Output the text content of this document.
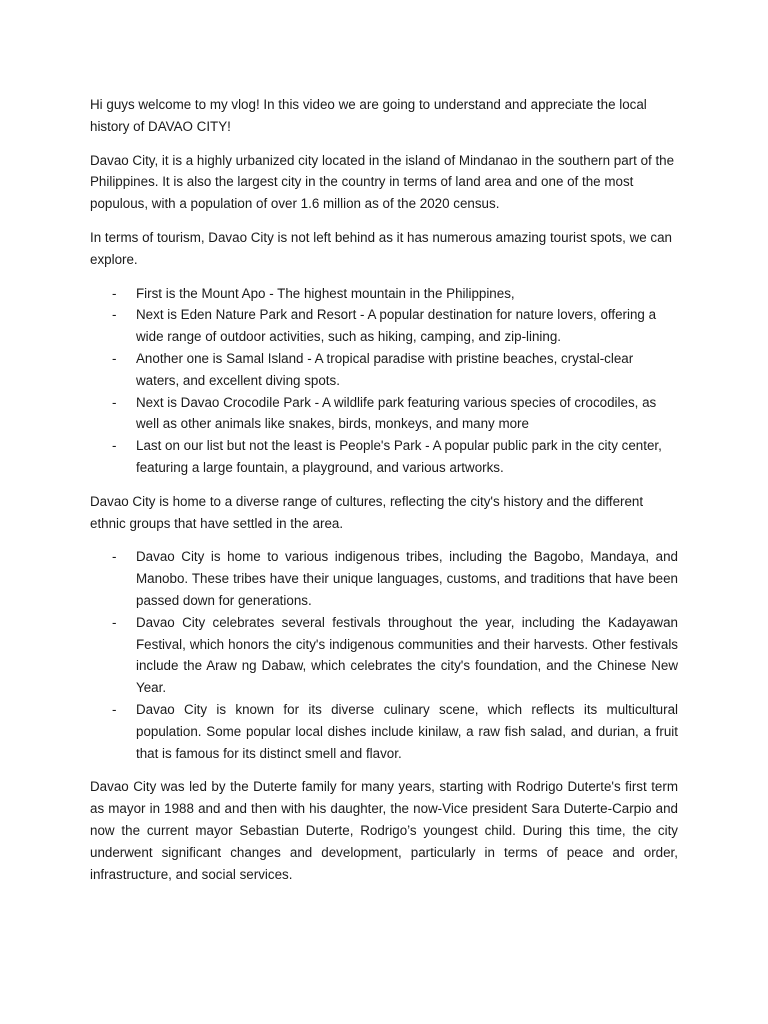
Hi guys welcome to my vlog! In this video we are going to understand and appreciate the local history of DAVAO CITY!

Davao City, it is a highly urbanized city located in the island of Mindanao in the southern part of the Philippines. It is also the largest city in the country in terms of land area and one of the most populous, with a population of over 1.6 million as of the 2020 census.

In terms of tourism, Davao City is not left behind as it has numerous amazing tourist spots, we can explore.

- First is the Mount Apo - The highest mountain in the Philippines,
- Next is Eden Nature Park and Resort - A popular destination for nature lovers, offering a wide range of outdoor activities, such as hiking, camping, and zip-lining.
- Another one is Samal Island - A tropical paradise with pristine beaches, crystal-clear waters, and excellent diving spots.
- Next is Davao Crocodile Park - A wildlife park featuring various species of crocodiles, as well as other animals like snakes, birds, monkeys, and many more
- Last on our list but not the least is People's Park - A popular public park in the city center, featuring a large fountain, a playground, and various artworks.

Davao City is home to a diverse range of cultures, reflecting the city's history and the different ethnic groups that have settled in the area.

- Davao City is home to various indigenous tribes, including the Bagobo, Mandaya, and Manobo. These tribes have their unique languages, customs, and traditions that have been passed down for generations.
- Davao City celebrates several festivals throughout the year, including the Kadayawan Festival, which honors the city's indigenous communities and their harvests. Other festivals include the Araw ng Dabaw, which celebrates the city's foundation, and the Chinese New Year.
- Davao City is known for its diverse culinary scene, which reflects its multicultural population. Some popular local dishes include kinilaw, a raw fish salad, and durian, a fruit that is famous for its distinct smell and flavor.

Davao City was led by the Duterte family for many years, starting with Rodrigo Duterte's first term as mayor in 1988 and and then with his daughter, the now-Vice president Sara Duterte-Carpio and now the current mayor Sebastian Duterte, Rodrigo’s youngest child. During this time, the city underwent significant changes and development, particularly in terms of peace and order, infrastructure, and social services.
